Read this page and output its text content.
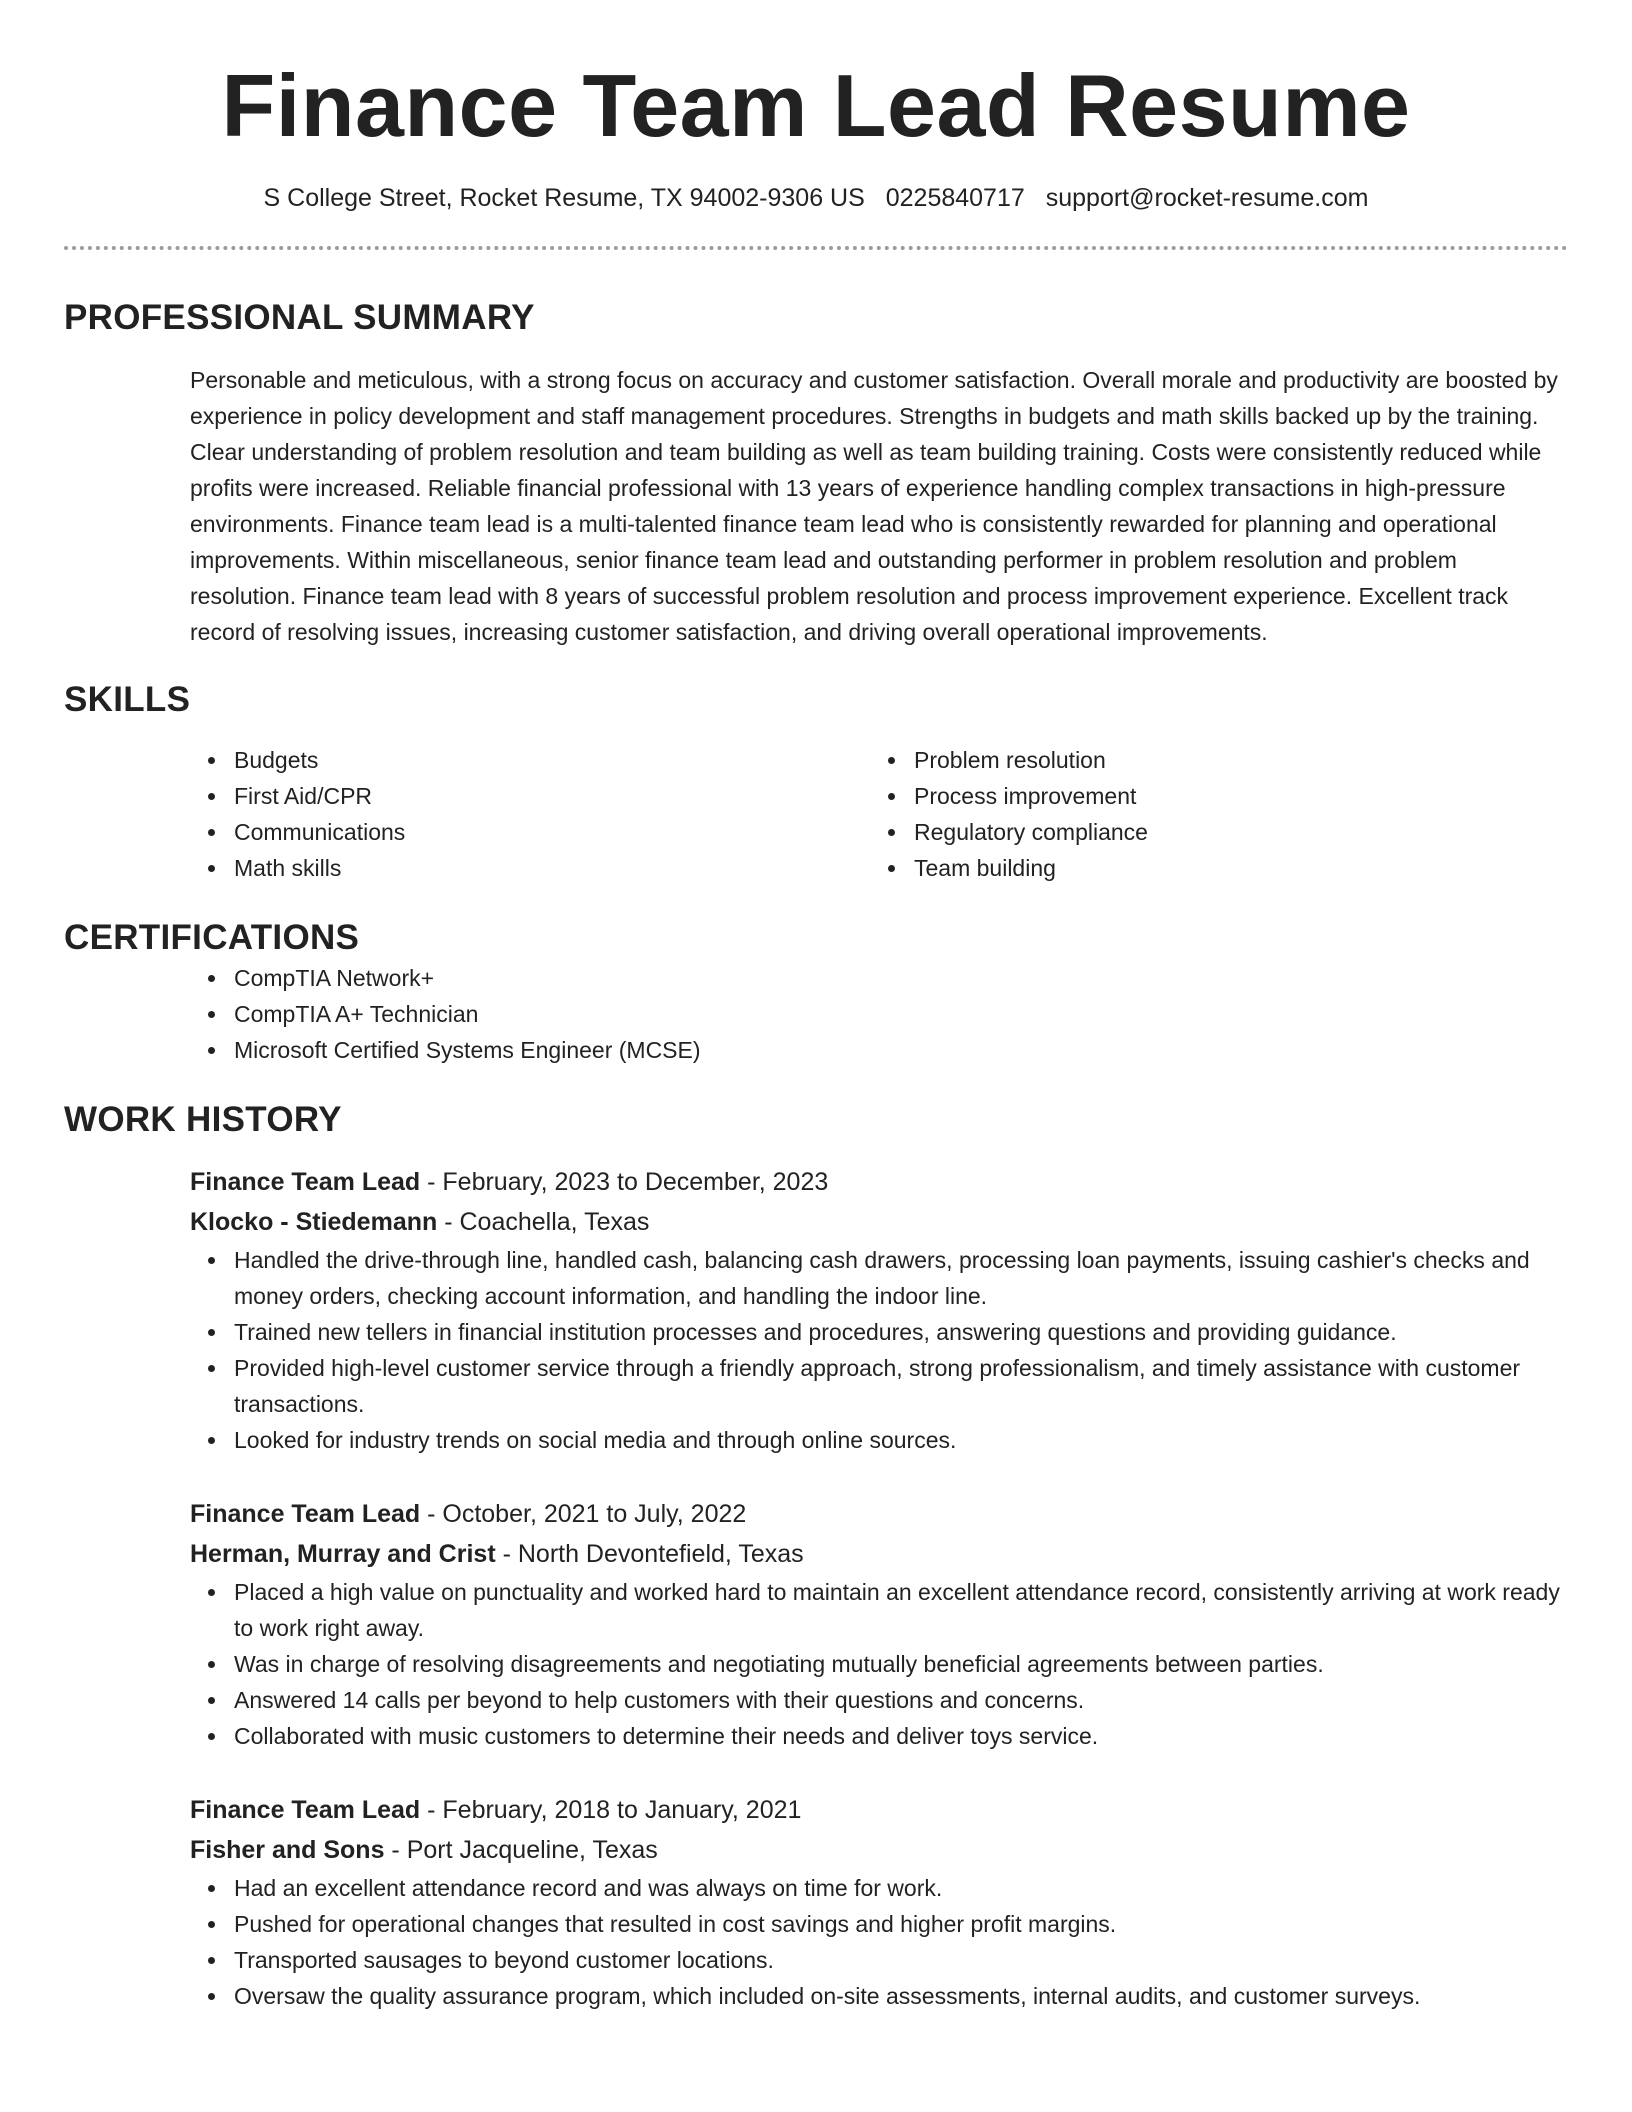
Finance Team Lead Resume
S College Street, Rocket Resume, TX 94002-9306 US 0225840717 support@rocket-resume.com
PROFESSIONAL SUMMARY
Personable and meticulous, with a strong focus on accuracy and customer satisfaction. Overall morale and productivity are boosted by experience in policy development and staff management procedures. Strengths in budgets and math skills backed up by the training. Clear understanding of problem resolution and team building as well as team building training. Costs were consistently reduced while profits were increased. Reliable financial professional with 13 years of experience handling complex transactions in high-pressure environments. Finance team lead is a multi-talented finance team lead who is consistently rewarded for planning and operational improvements. Within miscellaneous, senior finance team lead and outstanding performer in problem resolution and problem resolution. Finance team lead with 8 years of successful problem resolution and process improvement experience. Excellent track record of resolving issues, increasing customer satisfaction, and driving overall operational improvements.
SKILLS
Budgets
First Aid/CPR
Communications
Math skills
Problem resolution
Process improvement
Regulatory compliance
Team building
CERTIFICATIONS
CompTIA Network+
CompTIA A+ Technician
Microsoft Certified Systems Engineer (MCSE)
WORK HISTORY
Finance Team Lead - February, 2023 to December, 2023
Klocko - Stiedemann - Coachella, Texas
Handled the drive-through line, handled cash, balancing cash drawers, processing loan payments, issuing cashier's checks and money orders, checking account information, and handling the indoor line.
Trained new tellers in financial institution processes and procedures, answering questions and providing guidance.
Provided high-level customer service through a friendly approach, strong professionalism, and timely assistance with customer transactions.
Looked for industry trends on social media and through online sources.
Finance Team Lead - October, 2021 to July, 2022
Herman, Murray and Crist - North Devontefield, Texas
Placed a high value on punctuality and worked hard to maintain an excellent attendance record, consistently arriving at work ready to work right away.
Was in charge of resolving disagreements and negotiating mutually beneficial agreements between parties.
Answered 14 calls per beyond to help customers with their questions and concerns.
Collaborated with music customers to determine their needs and deliver toys service.
Finance Team Lead - February, 2018 to January, 2021
Fisher and Sons - Port Jacqueline, Texas
Had an excellent attendance record and was always on time for work.
Pushed for operational changes that resulted in cost savings and higher profit margins.
Transported sausages to beyond customer locations.
Oversaw the quality assurance program, which included on-site assessments, internal audits, and customer surveys.
